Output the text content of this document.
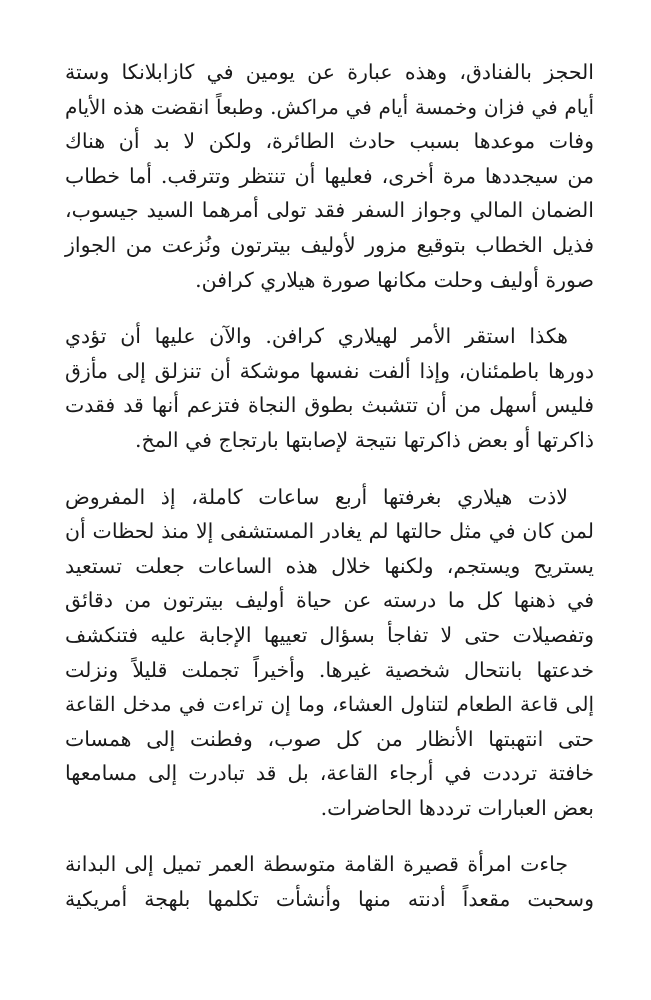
الحجز بالفنادق، وهذه عبارة عن يومين في كازابلانكا وستة
أيام في فزان وخمسة أيام في مراكش. وطبعاً انقضت هذه الأيام
وفات موعدها بسبب حادث الطائرة، ولكن لا بد أن هناك
من سيجددها مرة أخرى، فعليها أن تنتظر وتترقب. أما خطاب
الضمان المالي وجواز السفر فقد تولى أمرهما السيد جيسوب،
فذيل الخطاب بتوقيع مزور لأوليف بيترتون ونُزعت من الجواز
صورة أوليف وحلت مكانها صورة هيلاري كرافن.

هكذا استقر الأمر لهيلاري كرافن. والآن عليها أن تؤدي
دورها باطمئنان، وإذا ألفت نفسها موشكة أن تنزلق إلى مأزق
فليس أسهل من أن تتشبث بطوق النجاة فتزعم أنها قد فقدت
ذاكرتها أو بعض ذاكرتها نتيجة لإصابتها بارتجاج في المخ.

لاذت هيلاري بغرفتها أربع ساعات كاملة، إذ المفروض
لمن كان في مثل حالتها لم يغادر المستشفى إلا منذ لحظات أن
يستريح ويستجم، ولكنها خلال هذه الساعات جعلت تستعيد
في ذهنها كل ما درسته عن حياة أوليف بيترتون من دقائق
وتفصيلات حتى لا تفاجأ بسؤال تعييها الإجابة عليه فتنكشف
خدعتها بانتحال شخصية غيرها. وأخيراً تجملت قليلاً ونزلت
إلى قاعة الطعام لتناول العشاء، وما إن تراءت في مدخل القاعة
حتى انتهبتها الأنظار من كل صوب، وفطنت إلى همسات
خافتة ترددت في أرجاء القاعة، بل قد تبادرت إلى مسامعها
بعض العبارات ترددها الحاضرات.

جاءت امرأة قصيرة القامة متوسطة العمر تميل إلى البدانة
وسحبت مقعداً أدنته منها وأنشأت تكلمها بلهجة أمريكية
